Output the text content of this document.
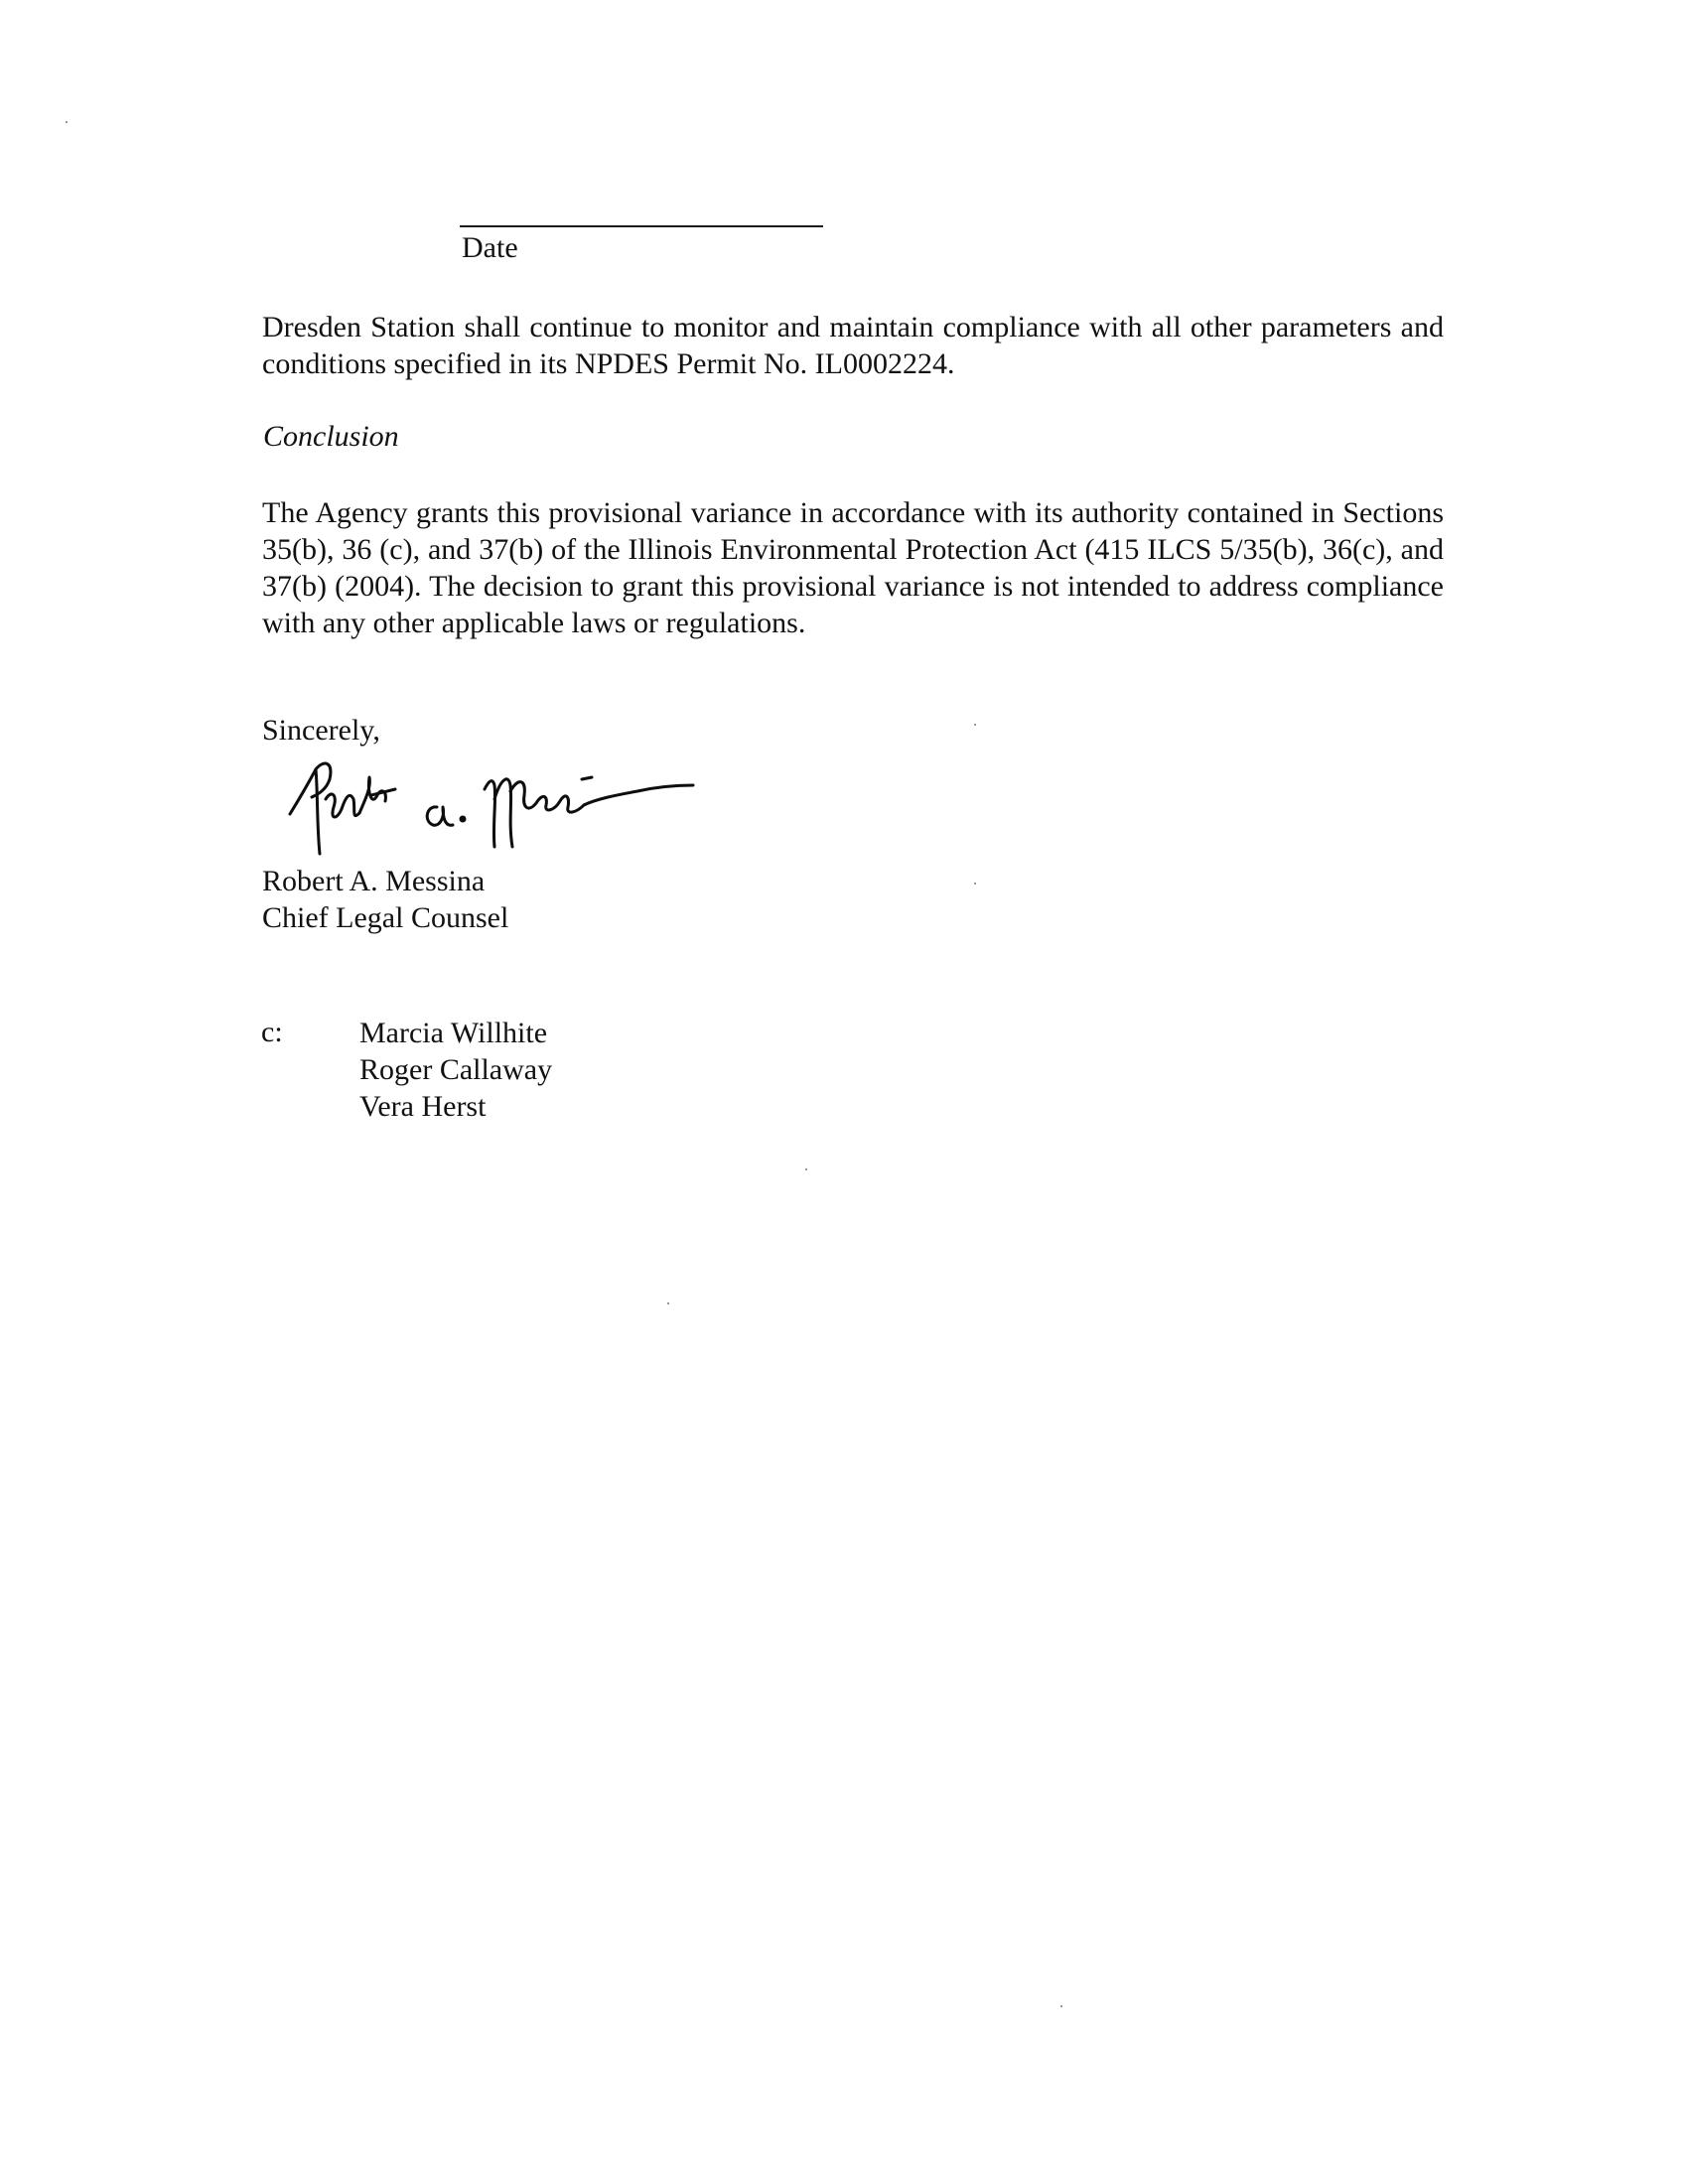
Date

Dresden Station shall continue to monitor and maintain compliance with all other parameters and conditions specified in its NPDES Permit No. IL0002224.

Conclusion

The Agency grants this provisional variance in accordance with its authority contained in Sections 35(b), 36 (c), and 37(b) of the Illinois Environmental Protection Act (415 ILCS 5/35(b), 36(c), and 37(b) (2004). The decision to grant this provisional variance is not intended to address compliance with any other applicable laws or regulations.

Sincerely,
Robert A. Messina
Chief Legal Counsel
c:	Marcia Willhite
Roger Callaway
Vera Herst
